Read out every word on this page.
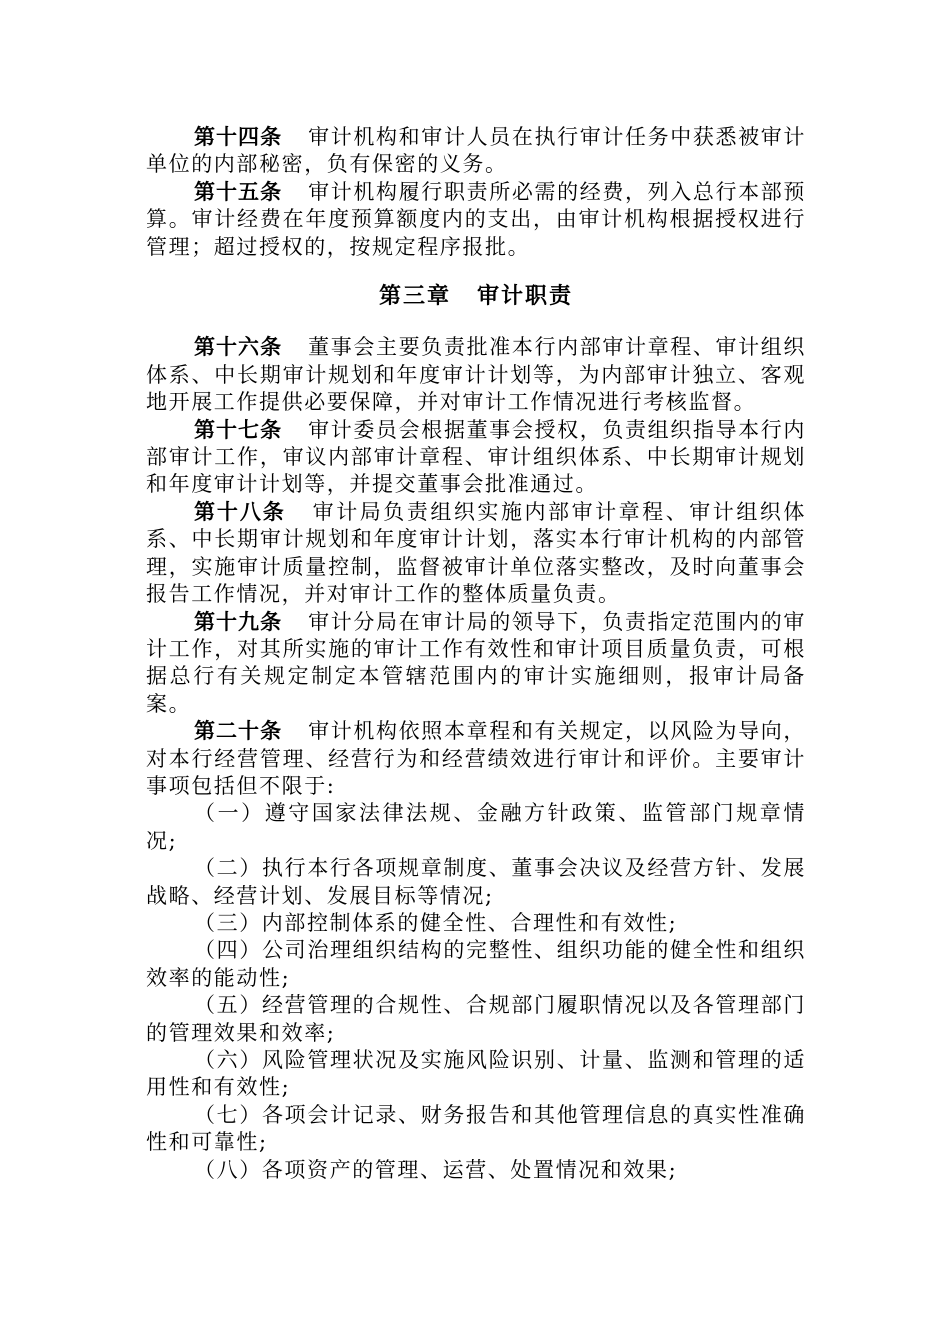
第十四条 审计机构和审计人员在执行审计任务中获悉被审计单位的内部秘密，负有保密的义务。

第十五条 审计机构履行职责所必需的经费，列入总行本部预算。审计经费在年度预算额度内的支出，由审计机构根据授权进行管理；超过授权的，按规定程序报批。

第三章 审计职责

第十六条 董事会主要负责批准本行内部审计章程、审计组织体系、中长期审计规划和年度审计计划等，为内部审计独立、客观地开展工作提供必要保障，并对审计工作情况进行考核监督。

第十七条 审计委员会根据董事会授权，负责组织指导本行内部审计工作，审议内部审计章程、审计组织体系、中长期审计规划和年度审计计划等，并提交董事会批准通过。

第十八条 审计局负责组织实施内部审计章程、审计组织体系、中长期审计规划和年度审计计划，落实本行审计机构的内部管理，实施审计质量控制，监督被审计单位落实整改，及时向董事会报告工作情况，并对审计工作的整体质量负责。

第十九条 审计分局在审计局的领导下，负责指定范围内的审计工作，对其所实施的审计工作有效性和审计项目质量负责，可根据总行有关规定制定本管辖范围内的审计实施细则，报审计局备案。

第二十条 审计机构依照本章程和有关规定，以风险为导向，对本行经营管理、经营行为和经营绩效进行审计和评价。主要审计事项包括但不限于:

（一）遵守国家法律法规、金融方针政策、监管部门规章情况;

（二）执行本行各项规章制度、董事会决议及经营方针、发展战略、经营计划、发展目标等情况;

（三）内部控制体系的健全性、合理性和有效性;

（四）公司治理组织结构的完整性、组织功能的健全性和组织效率的能动性;

（五）经营管理的合规性、合规部门履职情况以及各管理部门的管理效果和效率;

（六）风险管理状况及实施风险识别、计量、监测和管理的适用性和有效性;

（七）各项会计记录、财务报告和其他管理信息的真实性准确性和可靠性;

（八）各项资产的管理、运营、处置情况和效果;
